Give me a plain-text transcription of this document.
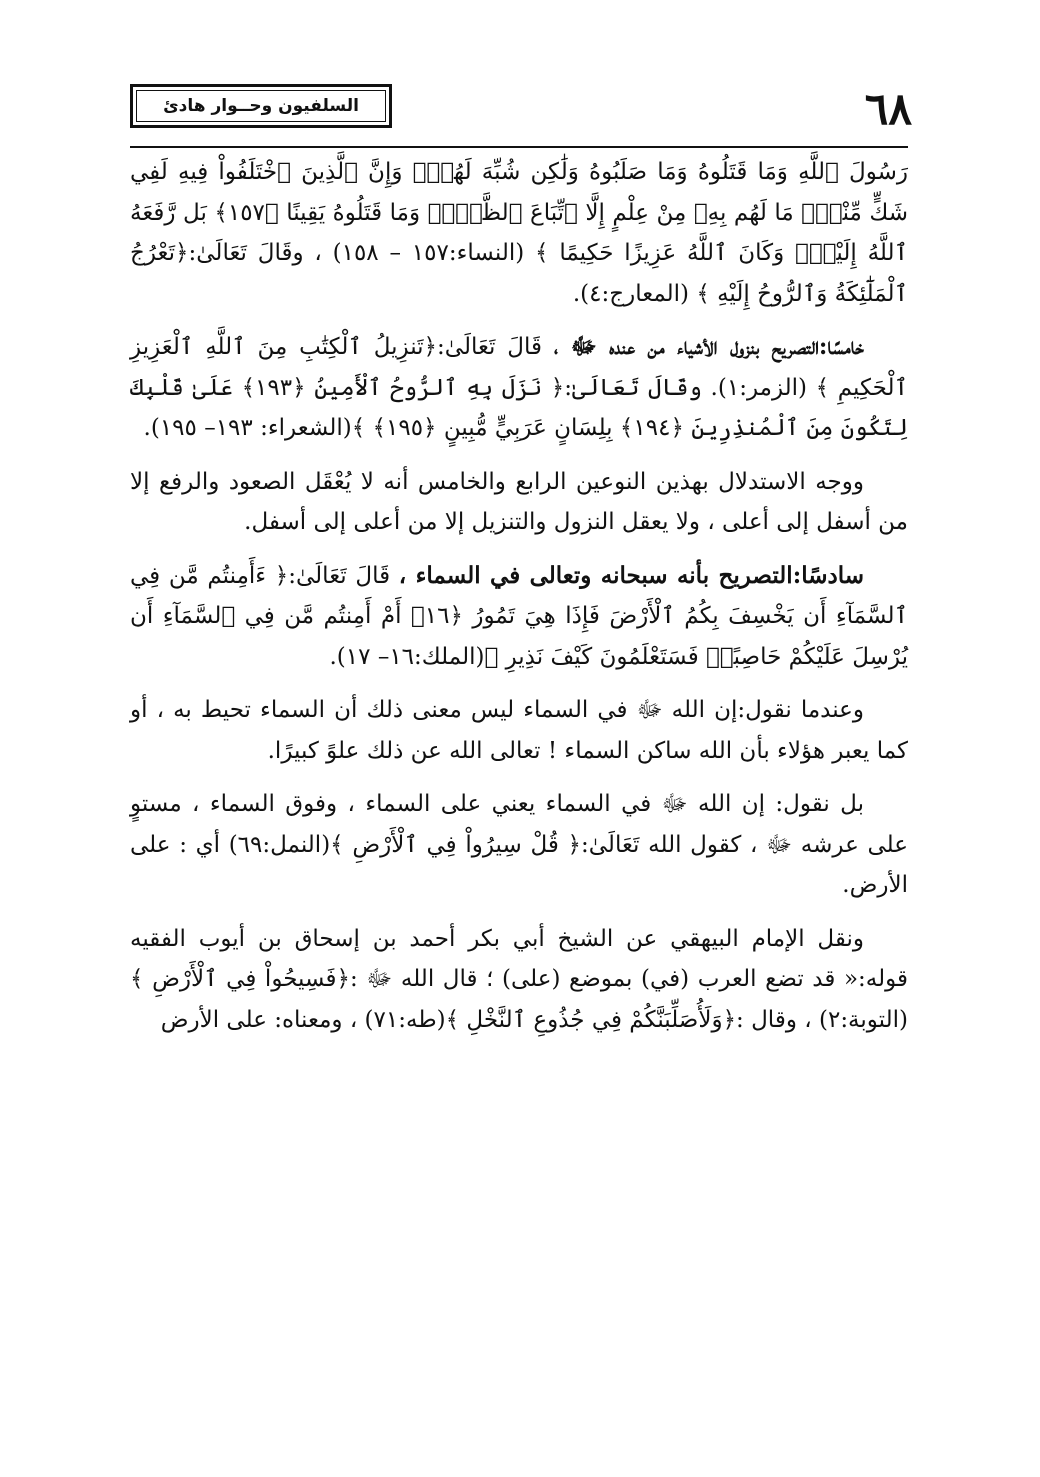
٦٨
السلفيون وحــوار هادئ

رَسُولَ ٱللَّهِ وَمَا قَتَلُوهُ وَمَا صَلَبُوهُ وَلَٰكِن شُبِّهَ لَهُمْۚ وَإِنَّ ٱلَّذِينَ ٱخْتَلَفُواْ فِيهِ لَفِي شَكٍّ مِّنْهُۚ مَا لَهُم بِهِۦ مِنْ عِلْمٍ إِلَّا ٱتِّبَاعَ ٱلظَّنِّۚ وَمَا قَتَلُوهُ يَقِينًا ﴿١٥٧﴾ بَل رَّفَعَهُ ٱللَّهُ إِلَيْهِۚ وَكَانَ ٱللَّهُ عَزِيزًا حَكِيمًا ﴾ (النساء:١٥٧ – ١٥٨) ، وقَالَ تَعَالَىٰ:﴿تَعْرُجُ ٱلْمَلَٰٓئِكَةُ وَٱلرُّوحُ إِلَيْهِ ﴾ (المعارج:٤).

خامسًا:التصريح بنزول الأشياء من عنده ﷻ ، قَالَ تَعَالَىٰ:﴿تَنزِيلُ ٱلْكِتَٰبِ مِنَ ٱللَّهِ ٱلْعَزِيزِ ٱلْحَكِيمِ ﴾ (الزمر:١). وقَالَ تَعَالَىٰ:﴿ نَزَلَ بِهِ ٱلرُّوحُ ٱلْأَمِينُ ﴿١٩٣﴾ عَلَىٰ قَلْبِكَ لِتَكُونَ مِنَ ٱلْمُنذِرِينَ ﴿١٩٤﴾ بِلِسَانٍ عَرَبِيٍّ مُّبِينٍ ﴿١٩٥﴾ ﴾(الشعراء: ١٩٣– ١٩٥).

ووجه الاستدلال بهذين النوعين الرابع والخامس أنه لا يُعْقَل الصعود والرفع إلا من أسفل إلى أعلى ، ولا يعقل النزول والتنزيل إلا من أعلى إلى أسفل.

سادسًا:التصريح بأنه سبحانه وتعالى في السماء ، قَالَ تَعَالَىٰ:﴿ ءَأَمِنتُم مَّن فِي ٱلسَّمَآءِ أَن يَخْسِفَ بِكُمُ ٱلْأَرْضَ فَإِذَا هِيَ تَمُورُ ﴿١٦﴾ أَمْ أَمِنتُم مَّن فِي ٱلسَّمَآءِ أَن يُرْسِلَ عَلَيْكُمْ حَاصِبًاۖ فَسَتَعْلَمُونَ كَيْفَ نَذِيرِ ﴾(الملك:١٦– ١٧).

وعندما نقول:إن الله ﷻ في السماء ليس معنى ذلك أن السماء تحيط به ، أو كما يعبر هؤلاء بأن الله ساكن السماء ! تعالى الله عن ذلك علوً كبيرًا.

بل نقول: إن الله ﷻ في السماء يعني على السماء ، وفوق السماء ، مستوٍ على عرشه ﷻ ، كقول الله تَعَالَىٰ:﴿ قُلْ سِيرُواْ فِي ٱلْأَرْضِ ﴾(النمل:٦٩) أي : على الأرض.

ونقل الإمام البيهقي عن الشيخ أبي بكر أحمد بن إسحاق بن أيوب الفقيه قوله:« قد تضع العرب (في) بموضع (على) ؛ قال الله ﷻ :﴿فَسِيحُواْ فِي ٱلْأَرْضِ ﴾ (التوبة:٢) ، وقال :﴿وَلَأُصَلِّبَنَّكُمْ فِي جُذُوعِ ٱلنَّخْلِ ﴾(طه:٧١) ، ومعناه: على الأرض
